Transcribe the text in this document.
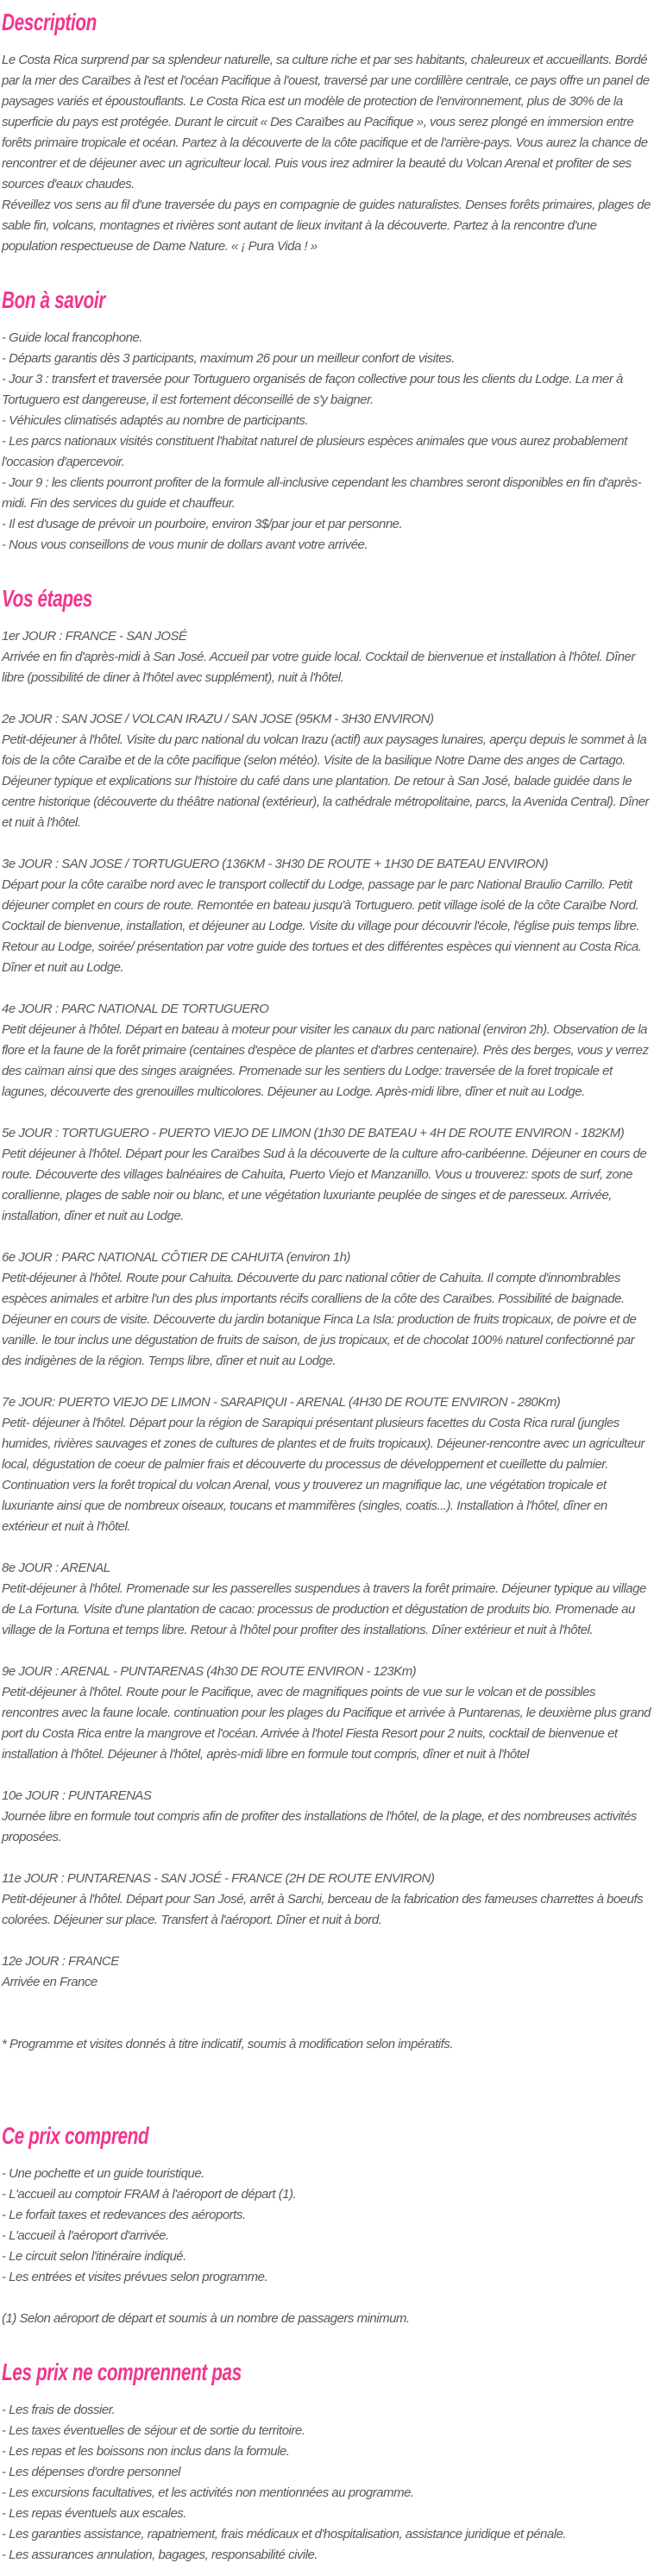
Description

Le Costa Rica surprend par sa splendeur naturelle, sa culture riche et par ses habitants, chaleureux et accueillants. Bordé par la mer des Caraïbes à l'est et l'océan Pacifique à l'ouest, traversé par une cordillère centrale, ce pays offre un panel de paysages variés et époustouflants. Le Costa Rica est un modèle de protection de l'environnement, plus de 30% de la superficie du pays est protégée. Durant le circuit « Des Caraïbes au Pacifique », vous serez plongé en immersion entre forêts primaire tropicale et océan. Partez à la découverte de la côte pacifique et de l'arrière-pays. Vous aurez la chance de rencontrer et de déjeuner avec un agriculteur local. Puis vous irez admirer la beauté du Volcan Arenal et profiter de ses sources d'eaux chaudes.

Réveillez vos sens au fil d'une traversée du pays en compagnie de guides naturalistes. Denses forêts primaires, plages de sable fin, volcans, montagnes et rivières sont autant de lieux invitant à la découverte. Partez à la rencontre d'une population respectueuse de Dame Nature. « ¡ Pura Vida ! »

Bon à savoir
- Guide local francophone.
- Départs garantis dès 3 participants, maximum 26 pour un meilleur confort de visites.
- Jour 3 : transfert et traversée pour Tortuguero organisés de façon collective pour tous les clients du Lodge. La mer à Tortuguero est dangereuse, il est fortement déconseillé de s'y baigner.
- Véhicules climatisés adaptés au nombre de participants.
- Les parcs nationaux visités constituent l'habitat naturel de plusieurs espèces animales que vous aurez probablement l'occasion d'apercevoir.
- Jour 9 : les clients pourront profiter de la formule all-inclusive cependant les chambres seront disponibles en fin d'après-midi. Fin des services du guide et chauffeur.
- Il est d'usage de prévoir un pourboire, environ 3$/par jour et par personne.
- Nous vous conseillons de vous munir de dollars avant votre arrivée.
Vos étapes
1er JOUR : FRANCE - SAN JOSÉ
Arrivée en fin d'après-midi à San José. Accueil par votre guide local. Cocktail de bienvenue et installation à l'hôtel. Dîner libre (possibilité de diner à l'hôtel avec supplément), nuit à l'hôtel.
2e JOUR : SAN JOSE / VOLCAN IRAZU / SAN JOSE (95KM - 3H30 ENVIRON)
Petit-déjeuner à l'hôtel. Visite du parc national du volcan Irazu (actif) aux paysages lunaires, aperçu depuis le sommet à la fois de la côte Caraïbe et de la côte pacifique (selon météo). Visite de la basilique Notre Dame des anges de Cartago. Déjeuner typique et explications sur l'histoire du café dans une plantation. De retour à San José, balade guidée dans le centre historique (découverte du théâtre national (extérieur), la cathédrale métropolitaine, parcs, la Avenida Central). Dîner et nuit à l'hôtel.
3e JOUR : SAN JOSE / TORTUGUERO (136KM - 3H30 DE ROUTE + 1H30 DE BATEAU ENVIRON)
Départ pour la côte caraïbe nord avec le transport collectif du Lodge, passage par le parc National Braulio Carrillo. Petit déjeuner complet en cours de route. Remontée en bateau jusqu'à Tortuguero. petit village isolé de la côte Caraïbe Nord. Cocktail de bienvenue, installation, et déjeuner au Lodge. Visite du village pour découvrir l'école, l'église puis temps libre. Retour au Lodge, soirée/ présentation par votre guide des tortues et des différentes espèces qui viennent au Costa Rica. Dîner et nuit au Lodge.
4e JOUR : PARC NATIONAL DE TORTUGUERO
Petit déjeuner à l'hôtel. Départ en bateau à moteur pour visiter les canaux du parc national (environ 2h). Observation de la flore et la faune de la forêt primaire (centaines d'espèce de plantes et d'arbres centenaire). Près des berges, vous y verrez des caïman ainsi que des singes araignées. Promenade sur les sentiers du Lodge: traversée de la foret tropicale et lagunes, découverte des grenouilles multicolores. Déjeuner au Lodge. Après-midi libre, dîner et nuit au Lodge.
5e JOUR : TORTUGUERO - PUERTO VIEJO DE LIMON (1h30 DE BATEAU + 4H DE ROUTE ENVIRON - 182KM)
Petit déjeuner à l'hôtel. Départ pour les Caraïbes Sud à la découverte de la culture afro-caribéenne. Déjeuner en cours de route. Découverte des villages balnéaires de Cahuita, Puerto Viejo et Manzanillo. Vous u trouverez: spots de surf, zone corallienne, plages de sable noir ou blanc, et une végétation luxuriante peuplée de singes et de paresseux. Arrivée, installation, dîner et nuit au Lodge.
6e JOUR : PARC NATIONAL CÔTIER DE CAHUITA (environ 1h)
Petit-déjeuner à l'hôtel. Route pour Cahuita. Découverte du parc national côtier de Cahuita. Il compte d'innombrables espèces animales et arbitre l'un des plus importants récifs coralliens de la côte des Caraïbes. Possibilité de baignade. Déjeuner en cours de visite. Découverte du jardin botanique Finca La Isla: production de fruits tropicaux, de poivre et de vanille. le tour inclus une dégustation de fruits de saison, de jus tropicaux, et de chocolat 100% naturel confectionné par des indigènes de la région. Temps libre, dîner et nuit au Lodge.
7e JOUR: PUERTO VIEJO DE LIMON - SARAPIQUI - ARENAL (4H30 DE ROUTE ENVIRON - 280Km)
Petit- déjeuner à l'hôtel. Départ pour la région de Sarapiqui présentant plusieurs facettes du Costa Rica rural (jungles humides, rivières sauvages et zones de cultures de plantes et de fruits tropicaux). Déjeuner-rencontre avec un agriculteur local, dégustation de coeur de palmier frais et découverte du processus de développement et cueillette du palmier. Continuation vers la forêt tropical du volcan Arenal, vous y trouverez un magnifique lac, une végétation tropicale et luxuriante ainsi que de nombreux oiseaux, toucans et mammifères (singles, coatis...). Installation à l'hôtel, dîner en extérieur et nuit à l'hôtel.
8e JOUR : ARENAL
Petit-déjeuner à l'hôtel. Promenade sur les passerelles suspendues à travers la forêt primaire. Déjeuner typique au village de La Fortuna. Visite d'une plantation de cacao: processus de production et dégustation de produits bio. Promenade au village de la Fortuna et temps libre. Retour à l'hôtel pour profiter des installations. Dîner extérieur et nuit à l'hôtel.
9e JOUR : ARENAL - PUNTARENAS (4h30 DE ROUTE ENVIRON - 123Km)
Petit-déjeuner à l'hôtel. Route pour le Pacifique, avec de magnifiques points de vue sur le volcan et de possibles rencontres avec la faune locale. continuation pour les plages du Pacifique et arrivée à Puntarenas, le deuxième plus grand port du Costa Rica entre la mangrove et l'océan. Arrivée à l'hotel Fiesta Resort pour 2 nuits, cocktail de bienvenue et installation à l'hôtel. Déjeuner à l'hôtel, après-midi libre en formule tout compris, dîner et nuit à l'hôtel
10e JOUR : PUNTARENAS
Journée libre en formule tout compris afin de profiter des installations de l'hôtel, de la plage, et des nombreuses activités proposées.
11e JOUR : PUNTARENAS - SAN JOSÉ - FRANCE (2H DE ROUTE ENVIRON)
Petit-déjeuner à l'hôtel. Départ pour San José, arrêt à Sarchi, berceau de la fabrication des fameuses charrettes à boeufs colorées. Déjeuner sur place. Transfert à l'aéroport. Dîner et nuit à bord.
12e JOUR : FRANCE
Arrivée en France

* Programme et visites donnés à titre indicatif, soumis à modification selon impératifs.

Ce prix comprend
- Une pochette et un guide touristique.
- L'accueil au comptoir FRAM à l'aéroport de départ (1).
- Le forfait taxes et redevances des aéroports.
- L'accueil à l'aéroport d'arrivée.
- Le circuit selon l'itinéraire indiqué.
- Les entrées et visites prévues selon programme.

(1) Selon aéroport de départ et soumis à un nombre de passagers minimum.

Les prix ne comprennent pas
- Les frais de dossier.
- Les taxes éventuelles de séjour et de sortie du territoire.
- Les repas et les boissons non inclus dans la formule.
- Les dépenses d'ordre personnel
- Les excursions facultatives, et les activités non mentionnées au programme.
- Les repas éventuels aux escales.
- Les garanties assistance, rapatriement, frais médicaux et d'hospitalisation, assistance juridique et pénale.
- Les assurances annulation, bagages, responsabilité civile.
